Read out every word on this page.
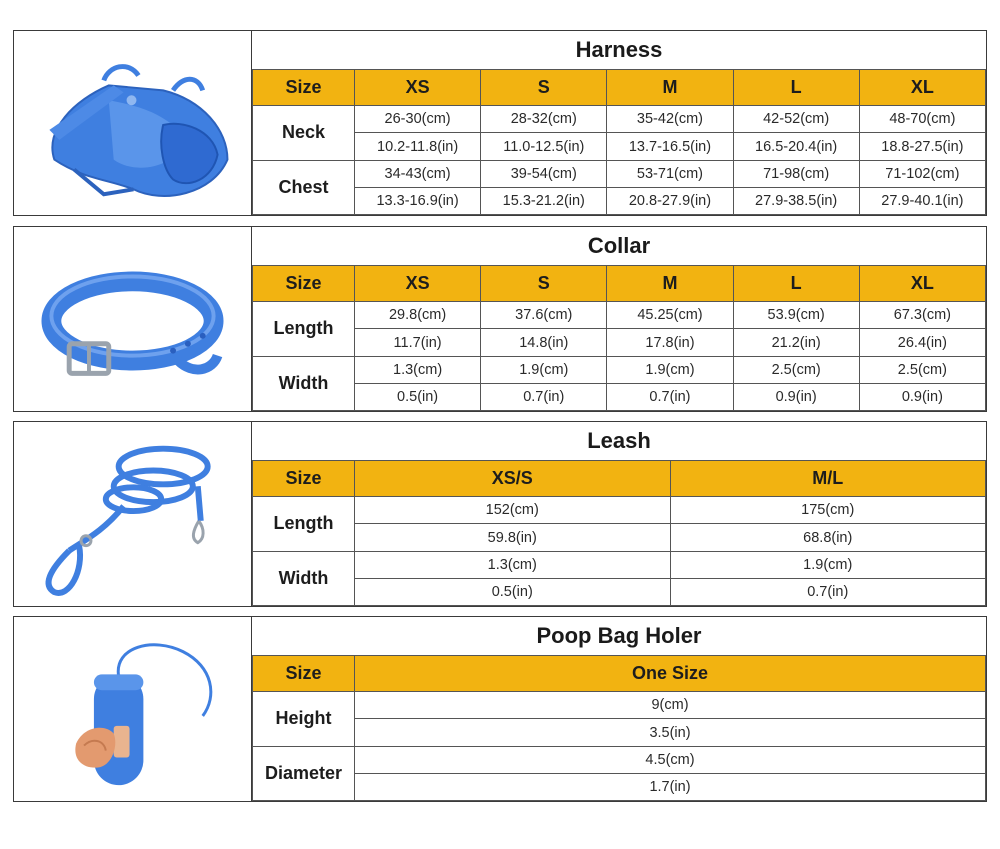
Harness
Size	XS	S	M	L	XL
Neck	26-30(cm)	28-32(cm)	35-42(cm)	42-52(cm)	48-70(cm)
	10.2-11.8(in)	11.0-12.5(in)	13.7-16.5(in)	16.5-20.4(in)	18.8-27.5(in)
Chest	34-43(cm)	39-54(cm)	53-71(cm)	71-98(cm)	71-102(cm)
	13.3-16.9(in)	15.3-21.2(in)	20.8-27.9(in)	27.9-38.5(in)	27.9-40.1(in)
Collar
Size	XS	S	M	L	XL
Length	29.8(cm)	37.6(cm)	45.25(cm)	53.9(cm)	67.3(cm)
	11.7(in)	14.8(in)	17.8(in)	21.2(in)	26.4(in)
Width	1.3(cm)	1.9(cm)	1.9(cm)	2.5(cm)	2.5(cm)
	0.5(in)	0.7(in)	0.7(in)	0.9(in)	0.9(in)
Leash
Size	XS/S	M/L
Length	152(cm)	175(cm)
	59.8(in)	68.8(in)
Width	1.3(cm)	1.9(cm)
	0.5(in)	0.7(in)
Poop Bag Holer
Size	One Size
Height	9(cm)
	3.5(in)
Diameter	4.5(cm)
	1.7(in)
